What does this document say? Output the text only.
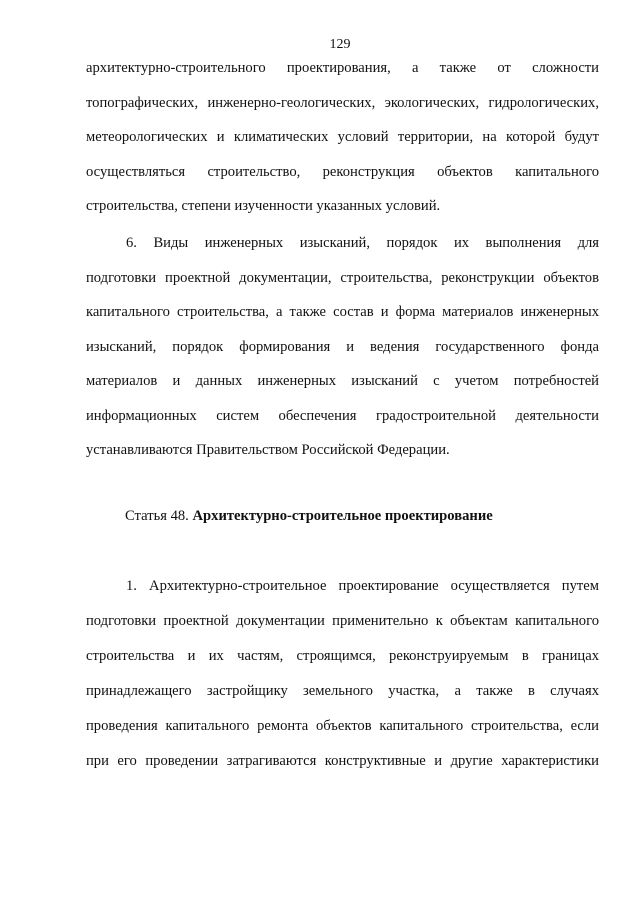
129
архитектурно-строительного проектирования, а также от сложности
топографических, инженерно-геологических, экологических, гидрологических,
метеорологических и климатических условий территории, на которой будут
осуществляться строительство, реконструкция объектов капитального
строительства, степени изученности указанных условий.
6. Виды инженерных изысканий, порядок их выполнения для
подготовки проектной документации, строительства, реконструкции объектов
капитального строительства, а также состав и форма материалов инженерных
изысканий, порядок формирования и ведения государственного фонда
материалов и данных инженерных изысканий с учетом потребностей
информационных систем обеспечения градостроительной деятельности
устанавливаются Правительством Российской Федерации.
Статья 48. Архитектурно-строительное проектирование
1. Архитектурно-строительное проектирование осуществляется путем
подготовки проектной документации применительно к объектам капитального
строительства и их частям, строящимся, реконструируемым в границах
принадлежащего застройщику земельного участка, а также в случаях
проведения капитального ремонта объектов капитального строительства, если
при его проведении затрагиваются конструктивные и другие характеристики
